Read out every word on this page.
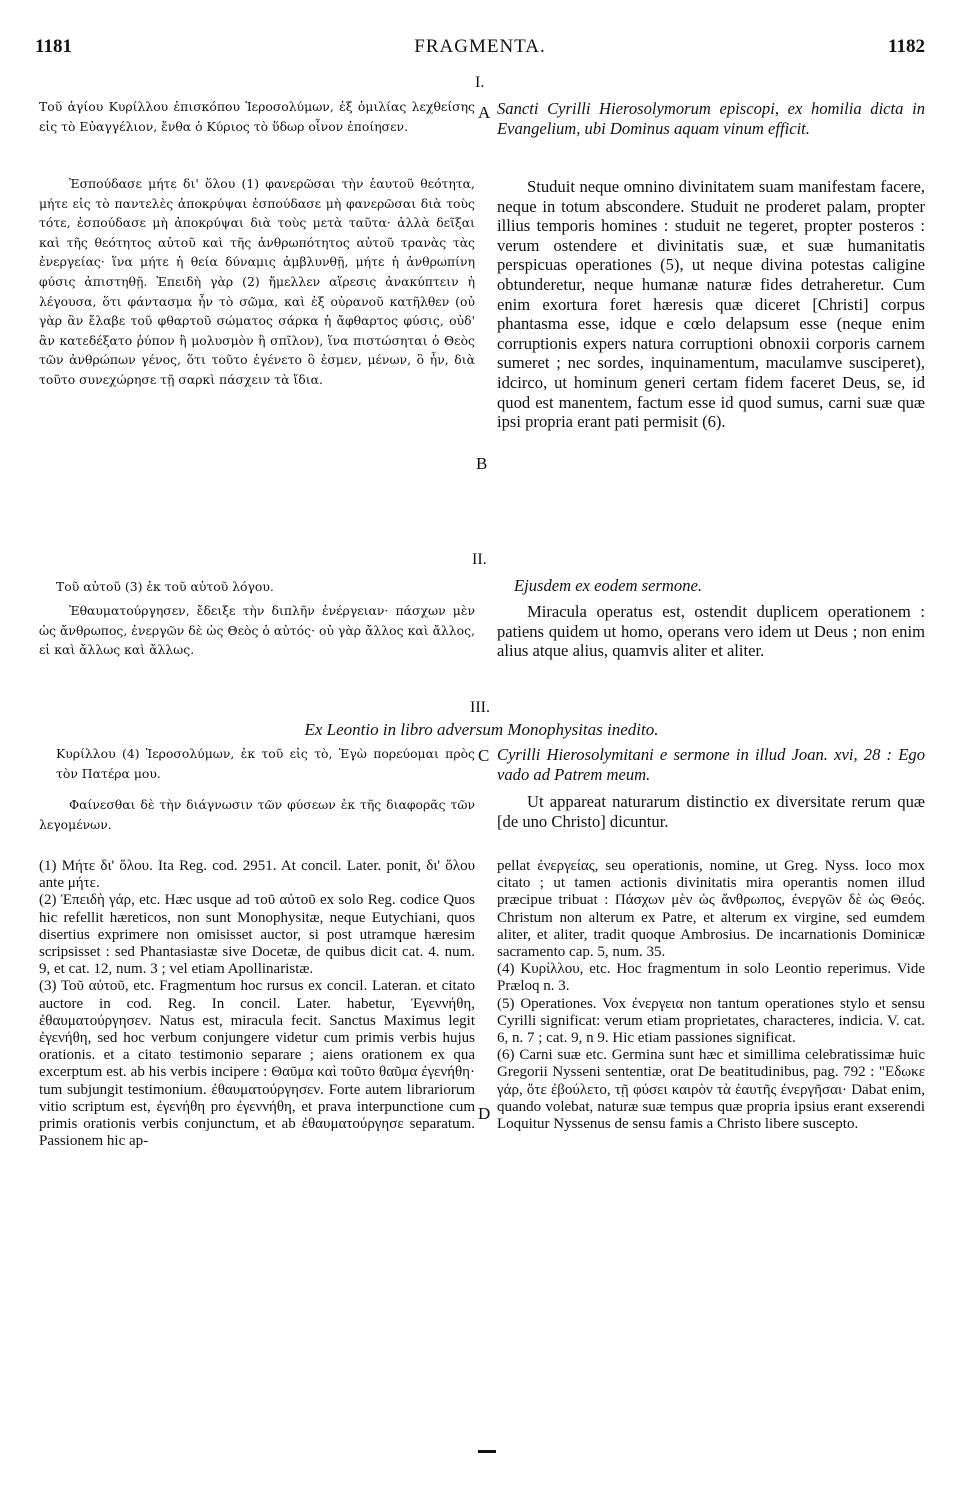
1181	FRAGMENTA.	1182
I.

Τοῦ ἁγίου Κυρίλλου ἐπισκόπου Ἱεροσολύμων, ἐξ ὁμιλίας λεχθείσης εἰς τὸ Εὐαγγέλιον, ἔνθα ὁ Κύριος τὸ ὕδωρ οἶνον ἐποίησεν.

A Sancti Cyrilli Hierosolymorum episcopi, ex homilia dicta in Evangelium, ubi Dominus aquam vinum efficit.

Ἐσπούδασε μήτε δι' ὅλου (1) φανερῶσαι τὴν ἑαυτοῦ θεότητα, μήτε εἰς τὸ παντελὲς ἀποκρύψαι ἐσπούδασε μὴ φανερῶσαι διὰ τοὺς τότε, ἐσπούδασε μὴ ἀποκρύψαι διὰ τοὺς μετὰ ταῦτα· ἀλλὰ δεῖξαι καὶ τῆς θεότητος αὐτοῦ καὶ τῆς ἀνθρωπότητος αὐτοῦ τρανὰς τὰς ἐνεργείας· ἵνα μήτε ἡ θεία δύναμις ἀμβλυνθῇ, μήτε ἡ ἀνθρωπίνη φύσις ἀπιστηθῇ. Ἐπειδὴ γὰρ (2) ἤμελλεν αἵρεσις ἀνακύπτειν ἡ λέγουσα, ὅτι φάντασμα ἦν τὸ σῶμα, καὶ ἐξ οὐρανοῦ κατῆλθεν (οὐ γὰρ ἂν ἔλαβε τοῦ φθαρτοῦ σώματος σάρκα ἡ ἄφθαρτος φύσις, οὐδ' ἂν κατεδέξατο ῥύπον ἢ μολυσμὸν ἢ σπῖλον), ἵνα πιστώσηται ὁ Θεὸς τῶν ἀνθρώπων γένος, ὅτι τοῦτο ἐγένετο ὃ ἐσμεν, μένων, ὃ ἦν, διὰ τοῦτο συνεχώρησε τῇ σαρκὶ πάσχειν τὰ ἴδια.

B

Studuit neque omnino divinitatem suam manifestam facere, neque in totum abscondere. Studuit ne proderet palam, propter illius temporis homines : studuit ne tegeret, propter posteros : verum ostendere et divinitatis suæ, et suæ humanitatis perspicuas operationes (5), ut neque divina potestas caligine obtunderetur, neque humanæ naturæ fides detraheretur. Cum enim exortura foret hæresis quæ diceret [Christi] corpus phantasma esse, idque e cœlo delapsum esse (neque enim corruptionis expers natura corruptioni obnoxii corporis carnem sumeret ; nec sordes, inquinamentum, maculamve susciperet), idcirco, ut hominum generi certam fidem faceret Deus, se, id quod est manentem, factum esse id quod sumus, carni suæ quæ ipsi propria erant pati permisit (6).

II.

Τοῦ αὐτοῦ (3) ἐκ τοῦ αὐτοῦ λόγου.	Ejusdem ex eodem sermone.

Ἐθαυματούργησεν, ἔδειξε τὴν διπλῆν ἐνέργειαν· πάσχων μὲν ὡς ἄνθρωπος, ἐνεργῶν δὲ ὡς Θεὸς ὁ αὐτός· οὐ γὰρ ἄλλος καὶ ἄλλος, εἰ καὶ ἄλλως καὶ ἄλλως.

Miracula operatus est, ostendit duplicem operationem : patiens quidem ut homo, operans vero idem ut Deus ; non enim alius atque alius, quamvis aliter et aliter.

III.
Ex Leontio in libro adversum Monophysitas inedito.

Κυρίλλου (4) Ἱεροσολύμων, ἐκ τοῦ εἰς τὸ, Ἐγὼ πορεύομαι πρὸς τὸν Πατέρα μου.

C Cyrilli Hierosolymitani e sermone in illud Joan. xvi, 28 : Ego vado ad Patrem meum.

Φαίνεσθαι δὲ τὴν διάγνωσιν τῶν φύσεων ἐκ τῆς διαφορᾶς τῶν λεγομένων.

Ut appareat naturarum distinctio ex diversitate rerum quæ [de uno Christo] dicuntur.

(1) Μήτε δι' ὅλου. Ita Reg. cod. 2951. At concil. Later. ponit, δι' ὅλου ante μήτε.

(2) Ἐπειδὴ γάρ, etc. Hæc usque ad τοῦ αὐτοῦ ex solo Reg. codice Quos hic refellit hæreticos, non sunt Monophysitæ, neque Eutychiani, quos disertius exprimere non omisisset auctor, si post utramque hæresim scripsisset : sed Phantasiastæ sive Docetæ, de quibus dicit cat. 4. num. 9, et cat. 12, num. 3 ; vel etiam Apollinaristæ.

(3) Τοῦ αὐτοῦ, etc. Fragmentum hoc rursus ex concil. Lateran. et citato auctore in cod. Reg. In concil. Later. habetur, Ἐγεννήθη, ἐθαυματούργησεν. Natus est, miracula fecit. Sanctus Maximus legit ἐγενήθη, sed hoc verbum conjungere videtur cum primis verbis hujus orationis. et a citato testimonio separare ; aiens orationem ex qua excerptum est. ab his verbis incipere : Θαῦμα καὶ τοῦτο θαῦμα ἐγενήθη· tum subjungit testimonium. ἐθαυματούργησεν. Forte autem librariorum vitio scriptum est, ἐγενήθη pro ἐγεννήθη, et prava interpunctione cum primis orationis verbis conjunctum, et ab ἐθαυματούργησε separatum. Passionem hic ap-

D

pellat ἐνεργείας, seu operationis, nomine, ut Greg. Nyss. loco mox citato ; ut tamen actionis divinitatis mira operantis nomen illud præcipue tribuat : Πάσχων μὲν ὡς ἄνθρωπος, ἐνεργῶν δὲ ὡς Θεός. Christum non alterum ex Patre, et alterum ex virgine, sed eumdem aliter, et aliter, tradit quoque Ambrosius. De incarnationis Dominicæ sacramento cap. 5, num. 35.

(4) Κυρίλλου, etc. Hoc fragmentum in solo Leontio reperimus. Vide Præloq n. 3.

(5) Operationes. Vox ἐνεργεια non tantum operationes stylo et sensu Cyrilli significat: verum etiam proprietates, characteres, indicia. V. cat. 6, n. 7 ; cat. 9, n 9. Hic etiam passiones significat.

(6) Carni suæ etc. Germina sunt hæc et simillima celebratissimæ huic Gregorii Nysseni sententiæ, orat De beatitudinibus, pag. 792 : "Εδωκε γάρ, ὅτε ἐβούλετο, τῇ φύσει καιρὸν τὰ ἑαυτῆς ἐνεργῆσαι· Dabat enim, quando volebat, naturæ suæ tempus quæ propria ipsius erant exserendi Loquitur Nyssenus de sensu famis a Christo libere suscepto.
